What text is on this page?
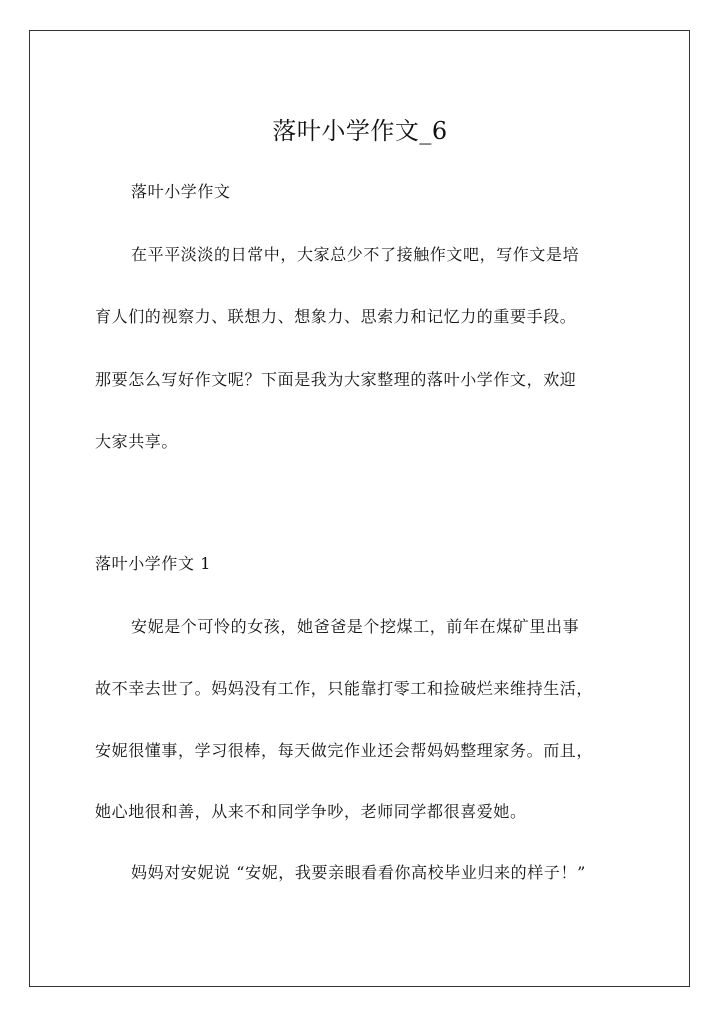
落叶小学作文_6
落叶小学作文
在平平淡淡的日常中，大家总少不了接触作文吧，写作文是培
育人们的视察力、联想力、想象力、思索力和记忆力的重要手段。
那要怎么写好作文呢？下面是我为大家整理的落叶小学作文，欢迎
大家共享。
落叶小学作文 1
安妮是个可怜的女孩，她爸爸是个挖煤工，前年在煤矿里出事
故不幸去世了。妈妈没有工作，只能靠打零工和捡破烂来维持生活，
安妮很懂事，学习很棒，每天做完作业还会帮妈妈整理家务。而且，
她心地很和善，从来不和同学争吵，老师同学都很喜爱她。
妈妈对安妮说 “安妮，我要亲眼看看你高校毕业归来的样子！”
